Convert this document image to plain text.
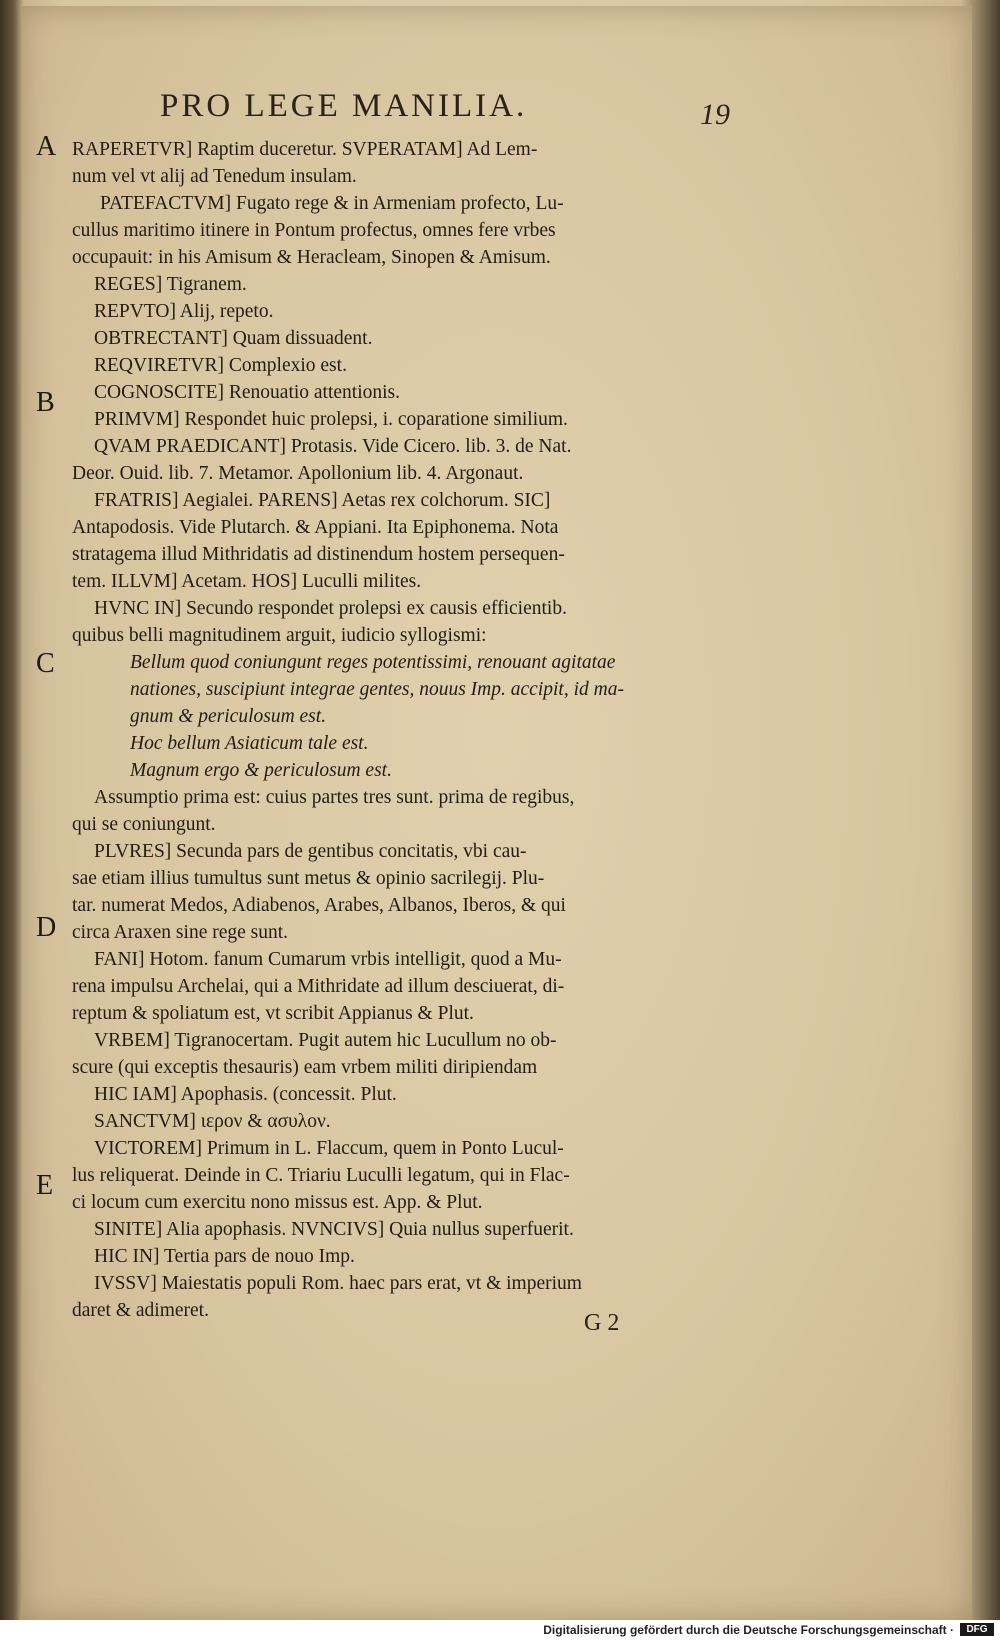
PRO LEGE MANILIA.	19
A
B
C
D
E
RAPERETVR] Raptim duceretur. SVPERATAM] Ad Lem-
num vel vt alij ad Tenedum insulam.
PATEFACTVM] Fugato rege & in Armeniam profecto, Lu-
cullus maritimo itinere in Pontum profectus, omnes fere vrbes
occupauit: in his Amisum & Heracleam, Sinopen & Amisum.
REGES] Tigranem.
REPVTO] Alij, repeto.
OBTRECTANT] Quam dissuadent.
REQVIRETVR] Complexio est.
COGNOSCITE] Renouatio attentionis.
PRIMVM] Respondet huic prolepsi, i. coparatione similium.
QVAM PRAEDICANT] Protasis. Vide Cicero. lib. 3. de Nat.
Deor. Ouid. lib. 7. Metamor. Apollonium lib. 4. Argonaut.
FRATRIS] Aegialei. PARENS] Aetas rex colchorum. SIC]
Antapodosis. Vide Plutarch. & Appiani. Ita Epiphonema. Nota
stratagema illud Mithridatis ad distinendum hostem persequen-
tem. ILLVM] Acetam. HOS] Luculli milites.
HVNC IN] Secundo respondet prolepsi ex causis efficientib.
quibus belli magnitudinem arguit, iudicio syllogismi:
Bellum quod coniungunt reges potentissimi, renouant agitatae
nationes, suscipiunt integrae gentes, nouus Imp. accipit, id ma-
gnum & periculosum est.
Hoc bellum Asiaticum tale est.
Magnum ergo & periculosum est.
Assumptio prima est: cuius partes tres sunt. prima de regibus,
qui se coniungunt.
PLVRES] Secunda pars de gentibus concitatis, vbi cau-
sae etiam illius tumultus sunt metus & opinio sacrilegij. Plu-
tar. numerat Medos, Adiabenos, Arabes, Albanos, Iberos, & qui
circa Araxen sine rege sunt.
FANI] Hotom. fanum Cumarum vrbis intelligit, quod a Mu-
rena impulsu Archelai, qui a Mithridate ad illum desciuerat, di-
reptum & spoliatum est, vt scribit Appianus & Plut.
VRBEM] Tigranocertam. Pugit autem hic Lucullum no ob-
scure (qui exceptis thesauris) eam vrbem militi diripiendam
HIC IAM] Apophasis. (concessit. Plut.
SANCTVM] ιερον & ασυλον.
VICTOREM] Primum in L. Flaccum, quem in Ponto Lucul-
lus reliquerat. Deinde in C. Triariu Luculli legatum, qui in Flac-
ci locum cum exercitu nono missus est. App. & Plut.
SINITE] Alia apophasis. NVNCIVS] Quia nullus superfuerit.
HIC IN] Tertia pars de nouo Imp.
IVSSV] Maiestatis populi Rom. haec pars erat, vt & imperium
daret & adimeret.	G 2
Digitalisierung gefördert durch die Deutsche Forschungsgemeinschaft ·	DFG
